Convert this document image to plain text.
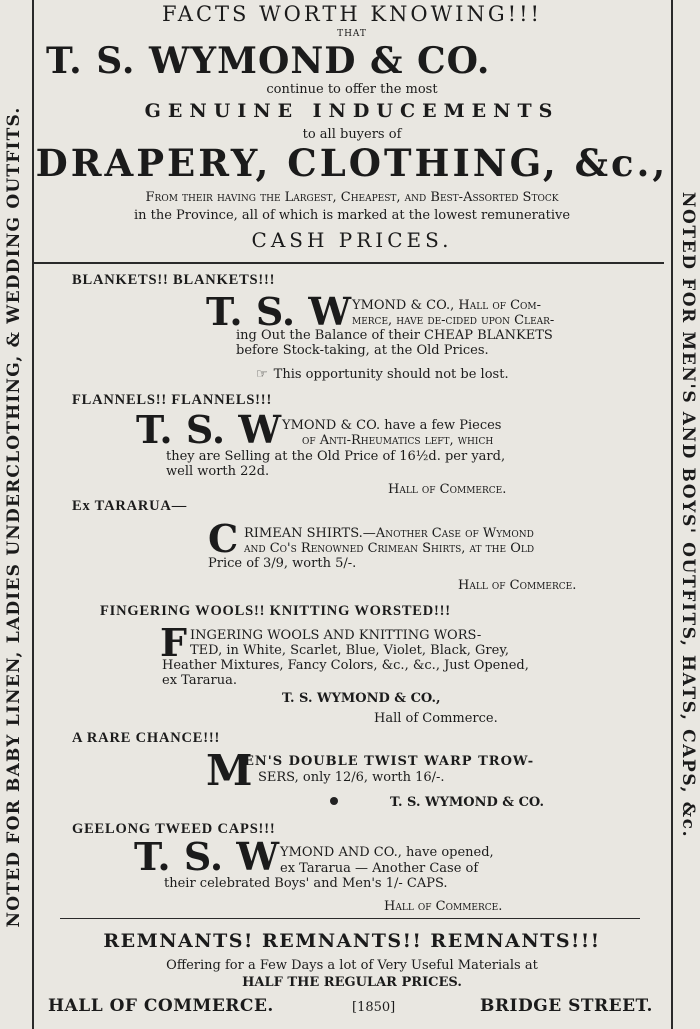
NOTED FOR BABY LINEN, LADIES UNDERCLOTHING, & WEDDING OUTFITS.	NOTED FOR MEN'S AND BOYS' OUTFITS, HATS, CAPS, &c.
FACTS WORTH KNOWING!!!
THAT
T. S. WYMOND & CO.
continue to offer the most
GENUINE INDUCEMENTS
to all buyers of
DRAPERY, CLOTHING, &c.,
From their having the Largest, Cheapest, and Best-Assorted Stock
in the Province, all of which is marked at the lowest remunerative
CASH PRICES.
BLANKETS!! BLANKETS!!!
T. S. W YMOND & CO., Hall of Com-
merce, have de-cided upon Clear-
ing Out the Balance of their CHEAP BLANKETS
before Stock-taking, at the Old Prices.
☞ This opportunity should not be lost.
FLANNELS!! FLANNELS!!!
T. S. W YMOND & CO. have a few Pieces
of Anti-Rheumatics left, which
they are Selling at the Old Price of 16½d. per yard,
well worth 22d.
Hall of Commerce.
Ex TARARUA—
C RIMEAN SHIRTS.—Another Case of Wymond
and Co's Renowned Crimean Shirts, at the Old
Price of 3/9, worth 5/-.
Hall of Commerce.
FINGERING WOOLS!! KNITTING WORSTED!!!
F INGERING WOOLS AND KNITTING WORS-
TED, in White, Scarlet, Blue, Violet, Black, Grey,
Heather Mixtures, Fancy Colors, &c., &c., Just Opened,
ex Tararua.
T. S. WYMOND & CO.,
Hall of Commerce.
A RARE CHANCE!!!
M
EN'S DOUBLE TWIST WARP TROW-
SERS, only 12/6, worth 16/-.
T. S. WYMOND & CO.
GEELONG TWEED CAPS!!!
T. S. W YMOND AND CO., have opened,
ex Tararua — Another Case of
their celebrated Boys' and Men's 1/- CAPS.
Hall of Commerce.
REMNANTS! REMNANTS!! REMNANTS!!!
Offering for a Few Days a lot of Very Useful Materials at
HALF THE REGULAR PRICES.
HALL OF COMMERCE.	[1850]	BRIDGE STREET.
